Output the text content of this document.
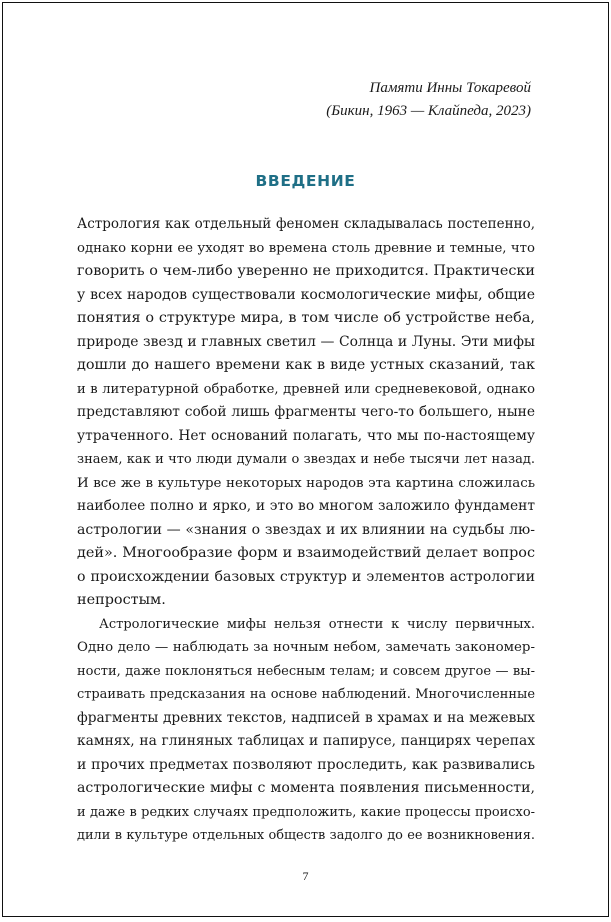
Памяти Инны Токаревой
(Бикин, 1963 — Клайпеда, 2023)
ВВЕДЕНИЕ
Астрология как отдельный феномен складывалась постепенно,
однако корни ее уходят во времена столь древние и темные, что
говорить о чем-либо уверенно не приходится. Практически
у всех народов существовали космологические мифы, общие
понятия о структуре мира, в том числе об устройстве неба,
природе звезд и главных светил — Солнца и Луны. Эти мифы
дошли до нашего времени как в виде устных сказаний, так
и в литературной обработке, древней или средневековой, однако
представляют собой лишь фрагменты чего-то большего, ныне
утраченного. Нет оснований полагать, что мы по-настоящему
знаем, как и что люди думали о звездах и небе тысячи лет назад.
И все же в культуре некоторых народов эта картина сложилась
наиболее полно и ярко, и это во многом заложило фундамент
астрологии — «знания о звездах и их влиянии на судьбы лю-
дей». Многообразие форм и взаимодействий делает вопрос
о происхождении базовых структур и элементов астрологии
непростым.
Астрологические мифы нельзя отнести к числу первичных.
Одно дело — наблюдать за ночным небом, замечать закономер-
ности, даже поклоняться небесным телам; и совсем другое — вы-
страивать предсказания на основе наблюдений. Многочисленные
фрагменты древних текстов, надписей в храмах и на межевых
камнях, на глиняных таблицах и папирусе, панцирях черепах
и прочих предметах позволяют проследить, как развивались
астрологические мифы с момента появления письменности,
и даже в редких случаях предположить, какие процессы происхо-
дили в культуре отдельных обществ задолго до ее возникновения.
7
